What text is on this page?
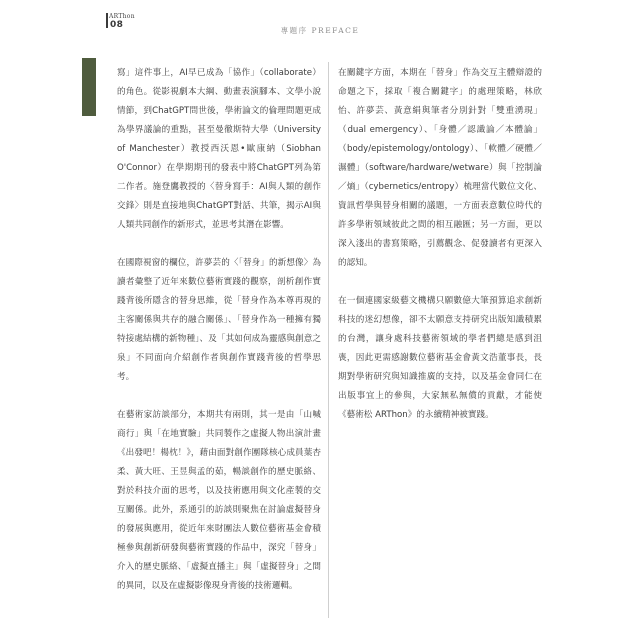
ARThon
08
專題序 PREFACE

寫」這件事上，AI早已成為「協作」（collaborate）的角色。從影視劇本大綱、動畫表演腳本、文學小說情節，到ChatGPT問世後，學術論文的倫理問題更成為學界議論的重點，甚至曼徹斯特大學（University of Manchester）教授西沃恩•歐康納（Siobhan O'Connor）在學期期刊的發表中將ChatGPT列為第二作者。施登鷹教授的〈替身寫手：AI與人類的創作交鋒〉則是直接地與ChatGPT對話、共筆，揭示AI與人類共同創作的新形式，並思考其潛在影響。

在國際視窗的欄位，許夢芸的〈「替身」的新想像〉為讀者彙整了近年來數位藝術實踐的觀察，剖析創作實踐背後所隱含的替身思維，從「替身作為本尊再現的主客關係與共存的融合關係」、「替身作為一種擁有獨特接處結構的新物種」、及「其如何成為靈感與創意之泉」不同面向介紹創作者與創作實踐背後的哲學思考。

在藝術家訪談部分，本期共有兩則，其一是由「山喊商行」與「在地實驗」共同製作之虛擬人物出演計畫《出發吧！楊枕！》，藉由面對創作團隊核心成員葉杏柔、黃大旺、王昱與孟的茹，暢談創作的歷史脈絡、對於科技介面的思考，以及技術應用與文化產製的交互關係。此外，系通引的訪談則聚焦在討論虛擬替身的發展與應用，從近年來財團法人數位藝術基金會積極參與創新研發與藝術實踐的作品中，深究「替身」介入的歷史脈絡、「虛擬直播主」與「虛擬替身」之間的異同，以及在虛擬影像現身背後的技術邏輯。

在關鍵字方面，本期在「替身」作為交互主體辯證的命題之下，採取「複合關鍵字」的處理策略，林欣怡、許夢芸、黃意絹與筆者分別針對「雙重湧現」（dual emergency）、「身體／認識論／本體論」（body/epistemology/ontology）、「軟體／硬體／濕體」（software/hardware/wetware）與「控制論／熵」（cybernetics/entropy）梳理當代數位文化、資訊哲學與替身相關的議題，一方面表意數位時代的許多學術領域彼此之間的相互融匯；另一方面，更以深入淺出的書寫策略，引薦觀念、促發讀者有更深入的認知。

在一個連國家級藝文機構只願數億大筆預算追求創新科技的迷幻想像，卻不太願意支持研究出版知識積累的台灣，讓身處科技藝術領域的學者們總是感到沮喪，因此更需感謝數位藝術基金會黃文浩董事長，長期對學術研究與知識推廣的支持，以及基金會同仁在出版事宜上的參與，大家無私無償的貢獻，才能使《藝術松 ARThon》的永續精神被實踐。
